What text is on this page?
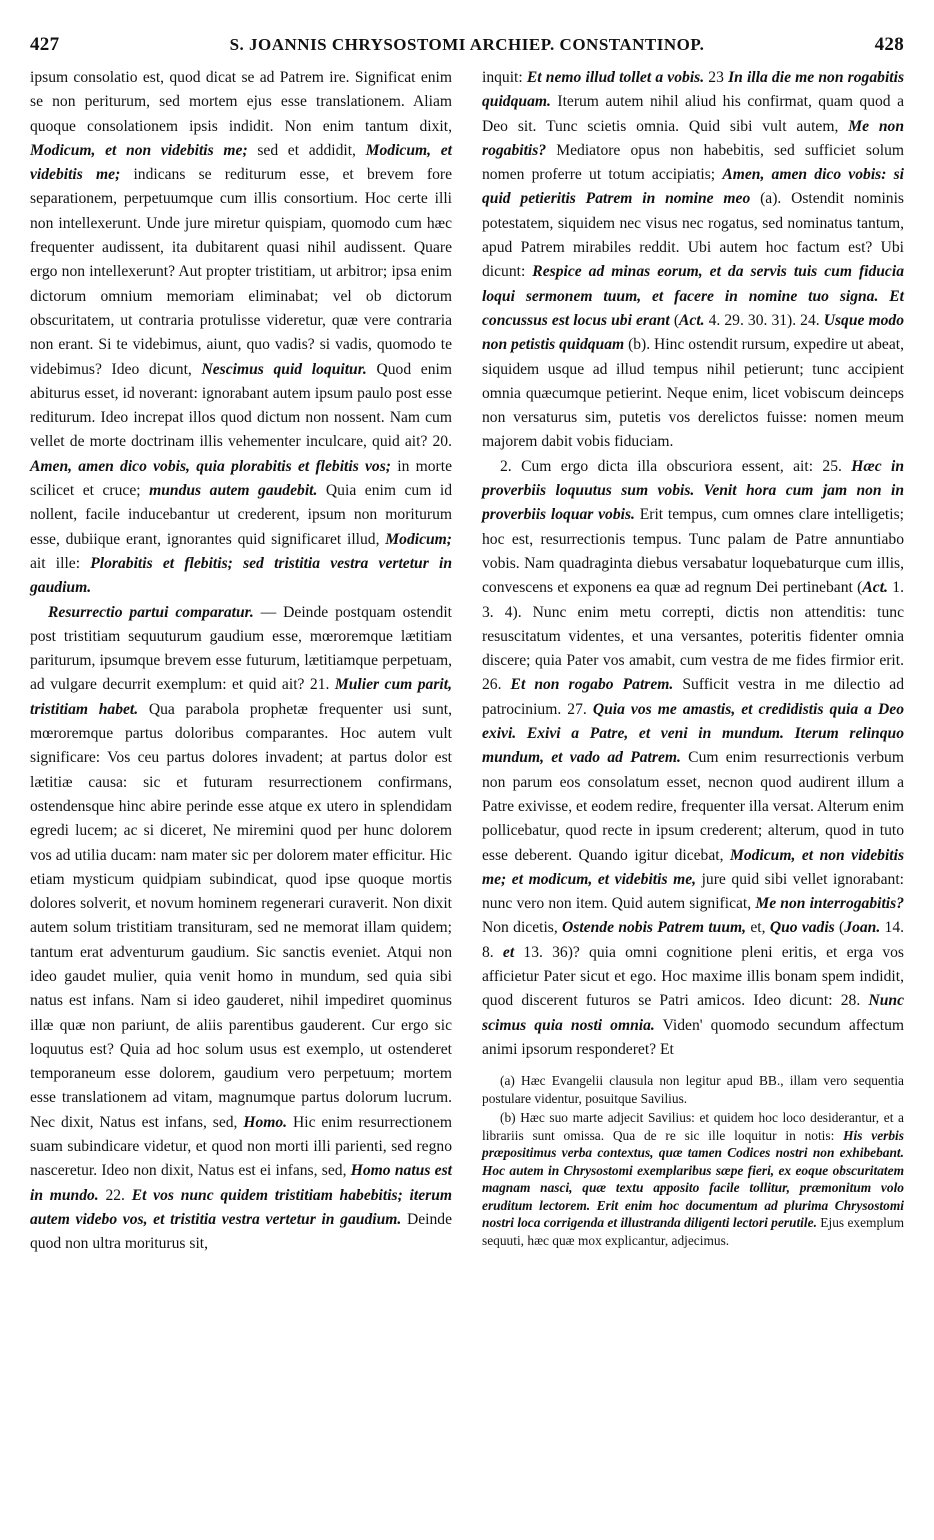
427	S. JOANNIS CHRYSOSTOMI ARCHIEP. CONSTANTINOP.	428

ipsum consolatio est, quod dicat se ad Patrem ire. Significat enim se non periturum, sed mortem ejus esse translationem. Aliam quoque consolationem ipsis indidit. Non enim tantum dixit, Modicum, et non videbitis me; sed et addidit, Modicum, et videbitis me; indicans se rediturum esse, et brevem fore separationem, perpetuumque cum illis consortium. Hoc certe illi non intellexerunt. Unde jure miretur quispiam, quomodo cum hæc frequenter audissent, ita dubitarent quasi nihil audissent. Quare ergo non intellexerunt? Aut propter tristitiam, ut arbitror; ipsa enim dictorum omnium memoriam eliminabat; vel ob dictorum obscuritatem, ut contraria protulisse videretur, quæ vere contraria non erant. Si te videbimus, aiunt, quo vadis? si vadis, quomodo te videbimus? Ideo dicunt, Nescimus quid loquitur. Quod enim abiturus esset, id noverant: ignorabant autem ipsum paulo post esse rediturum. Ideo increpat illos quod dictum non nossent. Nam cum vellet de morte doctrinam illis vehementer inculcare, quid ait? 20. Amen, amen dico vobis, quia plorabitis et flebitis vos; in morte scilicet et cruce; mundus autem gaudebit. Quia enim cum id nollent, facile inducebantur ut crederent, ipsum non moriturum esse, dubiique erant, ignorantes quid significaret illud, Modicum; ait ille: Plorabitis et flebitis; sed tristitia vestra vertetur in gaudium.

Resurrectio partui comparatur. — Deinde postquam ostendit post tristitiam sequuturum gaudium esse, mœroremque lætitiam pariturum, ipsumque brevem esse futurum, lætitiamque perpetuam, ad vulgare decurrit exemplum: et quid ait? 21. Mulier cum parit, tristitiam habet. Qua parabola prophetæ frequenter usi sunt, mœroremque partus doloribus comparantes. Hoc autem vult significare: Vos ceu partus dolores invadent; at partus dolor est lætitiæ causa: sic et futuram resurrectionem confirmans, ostendensque hinc abire perinde esse atque ex utero in splendidam egredi lucem; ac si diceret, Ne miremini quod per hunc dolorem vos ad utilia ducam: nam mater sic per dolorem mater efficitur. Hic etiam mysticum quidpiam subindicat, quod ipse quoque mortis dolores solverit, et novum hominem regenerari curaverit. Non dixit autem solum tristitiam transituram, sed ne memorat illam quidem; tantum erat adventurum gaudium. Sic sanctis eveniet. Atqui non ideo gaudet mulier, quia venit homo in mundum, sed quia sibi natus est infans. Nam si ideo gauderet, nihil impediret quominus illæ quæ non pariunt, de aliis parentibus gauderent. Cur ergo sic loquutus est? Quia ad hoc solum usus est exemplo, ut ostenderet temporaneum esse dolorem, gaudium vero perpetuum; mortem esse translationem ad vitam, magnumque partus dolorum lucrum. Nec dixit, Natus est infans, sed, Homo. Hic enim resurrectionem suam subindicare videtur, et quod non morti illi parienti, sed regno nasceretur. Ideo non dixit, Natus est ei infans, sed, Homo natus est in mundo. 22. Et vos nunc quidem tristitiam habebitis; iterum autem videbo vos, et tristitia vestra vertetur in gaudium. Deinde quod non ultra moriturus sit,

inquit: Et nemo illud tollet a vobis. 23 In illa die me non rogabitis quidquam. Iterum autem nihil aliud his confirmat, quam quod a Deo sit. Tunc scietis omnia. Quid sibi vult autem, Me non rogabitis? Mediatore opus non habebitis, sed sufficiet solum nomen proferre ut totum accipiatis; Amen, amen dico vobis: si quid petieritis Patrem in nomine meo (a). Ostendit nominis potestatem, siquidem nec visus nec rogatus, sed nominatus tantum, apud Patrem mirabiles reddit. Ubi autem hoc factum est? Ubi dicunt: Respice ad minas eorum, et da servis tuis cum fiducia loqui sermonem tuum, et facere in nomine tuo signa. Et concussus est locus ubi erant (Act. 4. 29. 30. 31). 24. Usque modo non petistis quidquam (b). Hinc ostendit rursum, expedire ut abeat, siquidem usque ad illud tempus nihil petierunt; tunc accipient omnia quæcumque petierint. Neque enim, licet vobiscum deinceps non versaturus sim, putetis vos derelictos fuisse: nomen meum majorem dabit vobis fiduciam.

2. Cum ergo dicta illa obscuriora essent, ait: 25. Hæc in proverbiis loquutus sum vobis. Venit hora cum jam non in proverbiis loquar vobis. Erit tempus, cum omnes clare intelligetis; hoc est, resurrectionis tempus. Tunc palam de Patre annuntiabo vobis. Nam quadraginta diebus versabatur loquebaturque cum illis, convescens et exponens ea quæ ad regnum Dei pertinebant (Act. 1. 3. 4). Nunc enim metu correpti, dictis non attenditis: tunc resuscitatum videntes, et una versantes, poteritis fidenter omnia discere; quia Pater vos amabit, cum vestra de me fides firmior erit. 26. Et non rogabo Patrem. Sufficit vestra in me dilectio ad patrocinium. 27. Quia vos me amastis, et credidistis quia a Deo exivi. Exivi a Patre, et veni in mundum. Iterum relinquo mundum, et vado ad Patrem. Cum enim resurrectionis verbum non parum eos consolatum esset, necnon quod audirent illum a Patre exivisse, et eodem redire, frequenter illa versat. Alterum enim pollicebatur, quod recte in ipsum crederent; alterum, quod in tuto esse deberent. Quando igitur dicebat, Modicum, et non videbitis me; et modicum, et videbitis me, jure quid sibi vellet ignorabant: nunc vero non item. Quid autem significat, Me non interrogabitis? Non dicetis, Ostende nobis Patrem tuum, et, Quo vadis (Joan. 14. 8. et 13. 36)? quia omni cognitione pleni eritis, et erga vos afficietur Pater sicut et ego. Hoc maxime illis bonam spem indidit, quod discerent futuros se Patri amicos. Ideo dicunt: 28. Nunc scimus quia nosti omnia. Viden' quomodo secundum affectum animi ipsorum responderet? Et

(a) Hæc Evangelii clausula non legitur apud BB., illam vero sequentia postulare videntur, posuitque Savilius.

(b) Hæc suo marte adjecit Savilius: et quidem hoc loco desiderantur, et a librariis sunt omissa. Qua de re sic ille loquitur in notis: His verbis præpositimus verba contextus, quæ tamen Codices nostri non exhibebant. Hoc autem in Chrysostomi exemplaribus sæpe fieri, ex eoque obscuritatem magnam nasci, quæ textu apposito facile tollitur, præmonitum volo eruditum lectorem. Erit enim hoc documentum ad plurima Chrysostomi nostri loca corrigenda et illustranda diligenti lectori perutile. Ejus exemplum sequuti, hæc quæ mox explicantur, adjecimus.
